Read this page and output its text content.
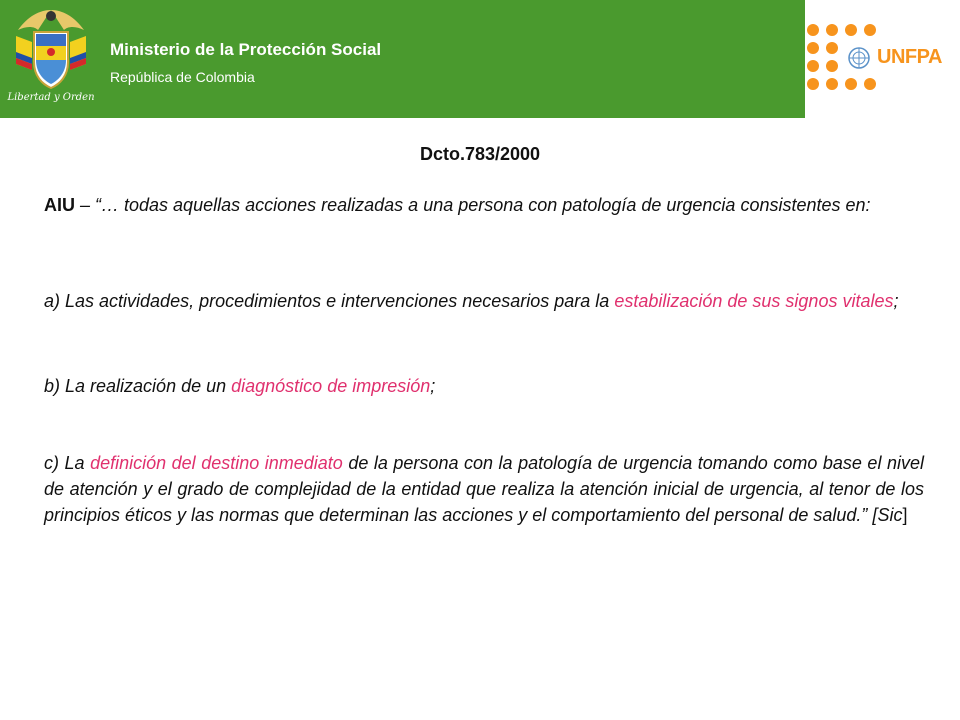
Libertad y Orden
Ministerio de la Protección Social
República de Colombia
UNFPA
Dcto.783/2000

AIU – “… todas aquellas acciones realizadas a una persona con patología de urgencia consistentes en:

a) Las actividades, procedimientos e intervenciones necesarios para la estabilización de sus signos vitales;

b) La realización de un diagnóstico de impresión;

c) La definición del destino inmediato de la persona con la patología de urgencia tomando como base el nivel de atención y el grado de complejidad de la entidad que realiza la atención inicial de urgencia, al tenor de los principios éticos y las normas que determinan las acciones y el comportamiento del personal de salud.” [Sic]
